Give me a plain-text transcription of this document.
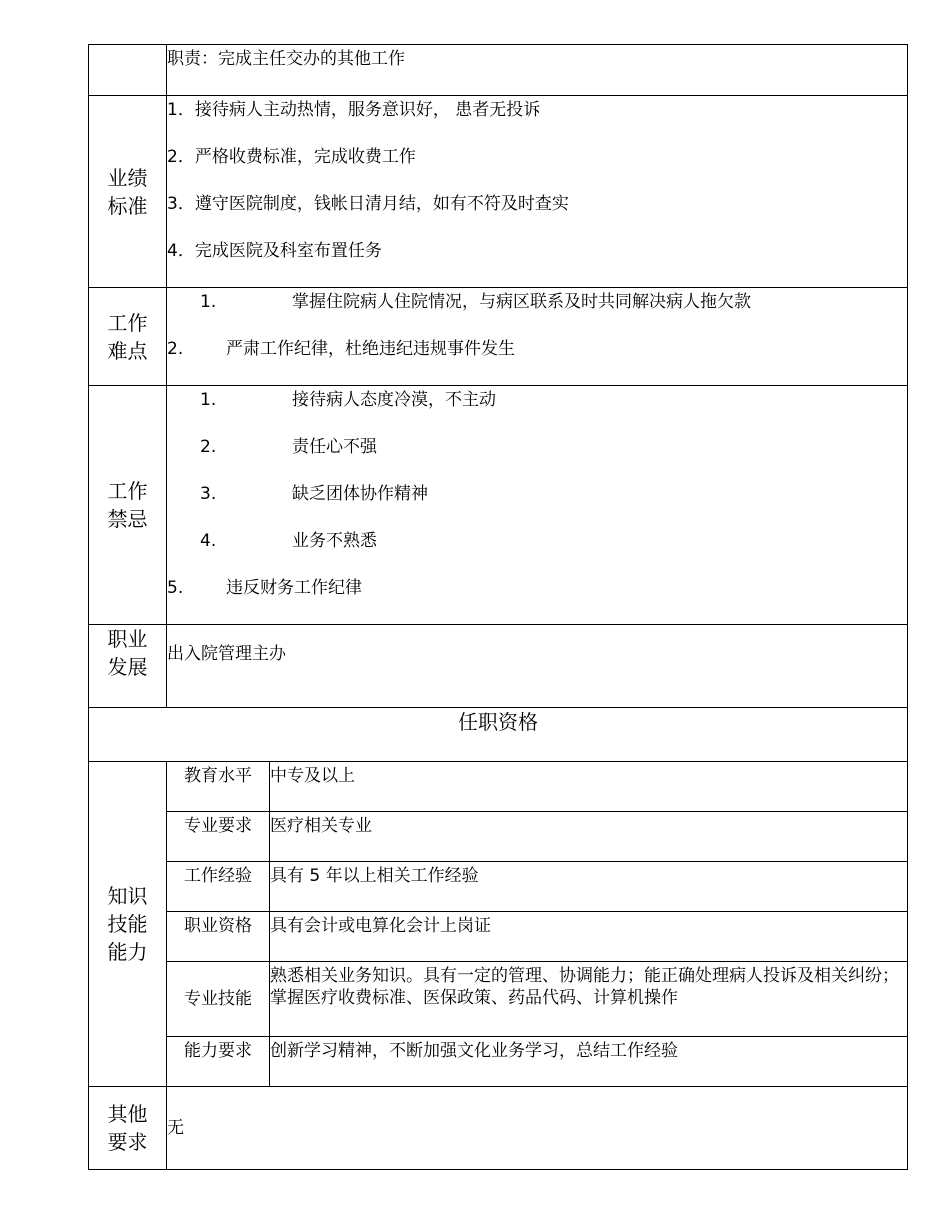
	职责：完成主任交办的其他工作	
业绩标准	1．接待病人主动热情，服务意识好， 患者无投诉
2．严格收费标准，完成收费工作
3．遵守医院制度，钱帐日清月结，如有不符及时查实
4．完成医院及科室布置任务	

工作难点	1. 掌握住院病人住院情况，与病区联系及时共同解决病人拖欠款
2. 严肃工作纪律，杜绝违纪违规事件发生	

工作禁忌	1. 接待病人态度冷漠，不主动
2. 责任心不强
3. 缺乏团体协作精神
4. 业务不熟悉
5. 违反财务工作纪律	

职业发展	出入院管理主办	
任职资格		
知识技能能力	教育水平	中专及以上
	专业要求	医疗相关专业
	工作经验	具有 5 年以上相关工作经验
	职业资格	具有会计或电算化会计上岗证
	专业技能	熟悉相关业务知识。具有一定的管理、协调能力；能正确处理病人投诉及相关纠纷；掌握医疗收费标准、医保政策、药品代码、计算机操作
	能力要求	创新学习精神，不断加强文化业务学习，总结工作经验
其他要求	无	
